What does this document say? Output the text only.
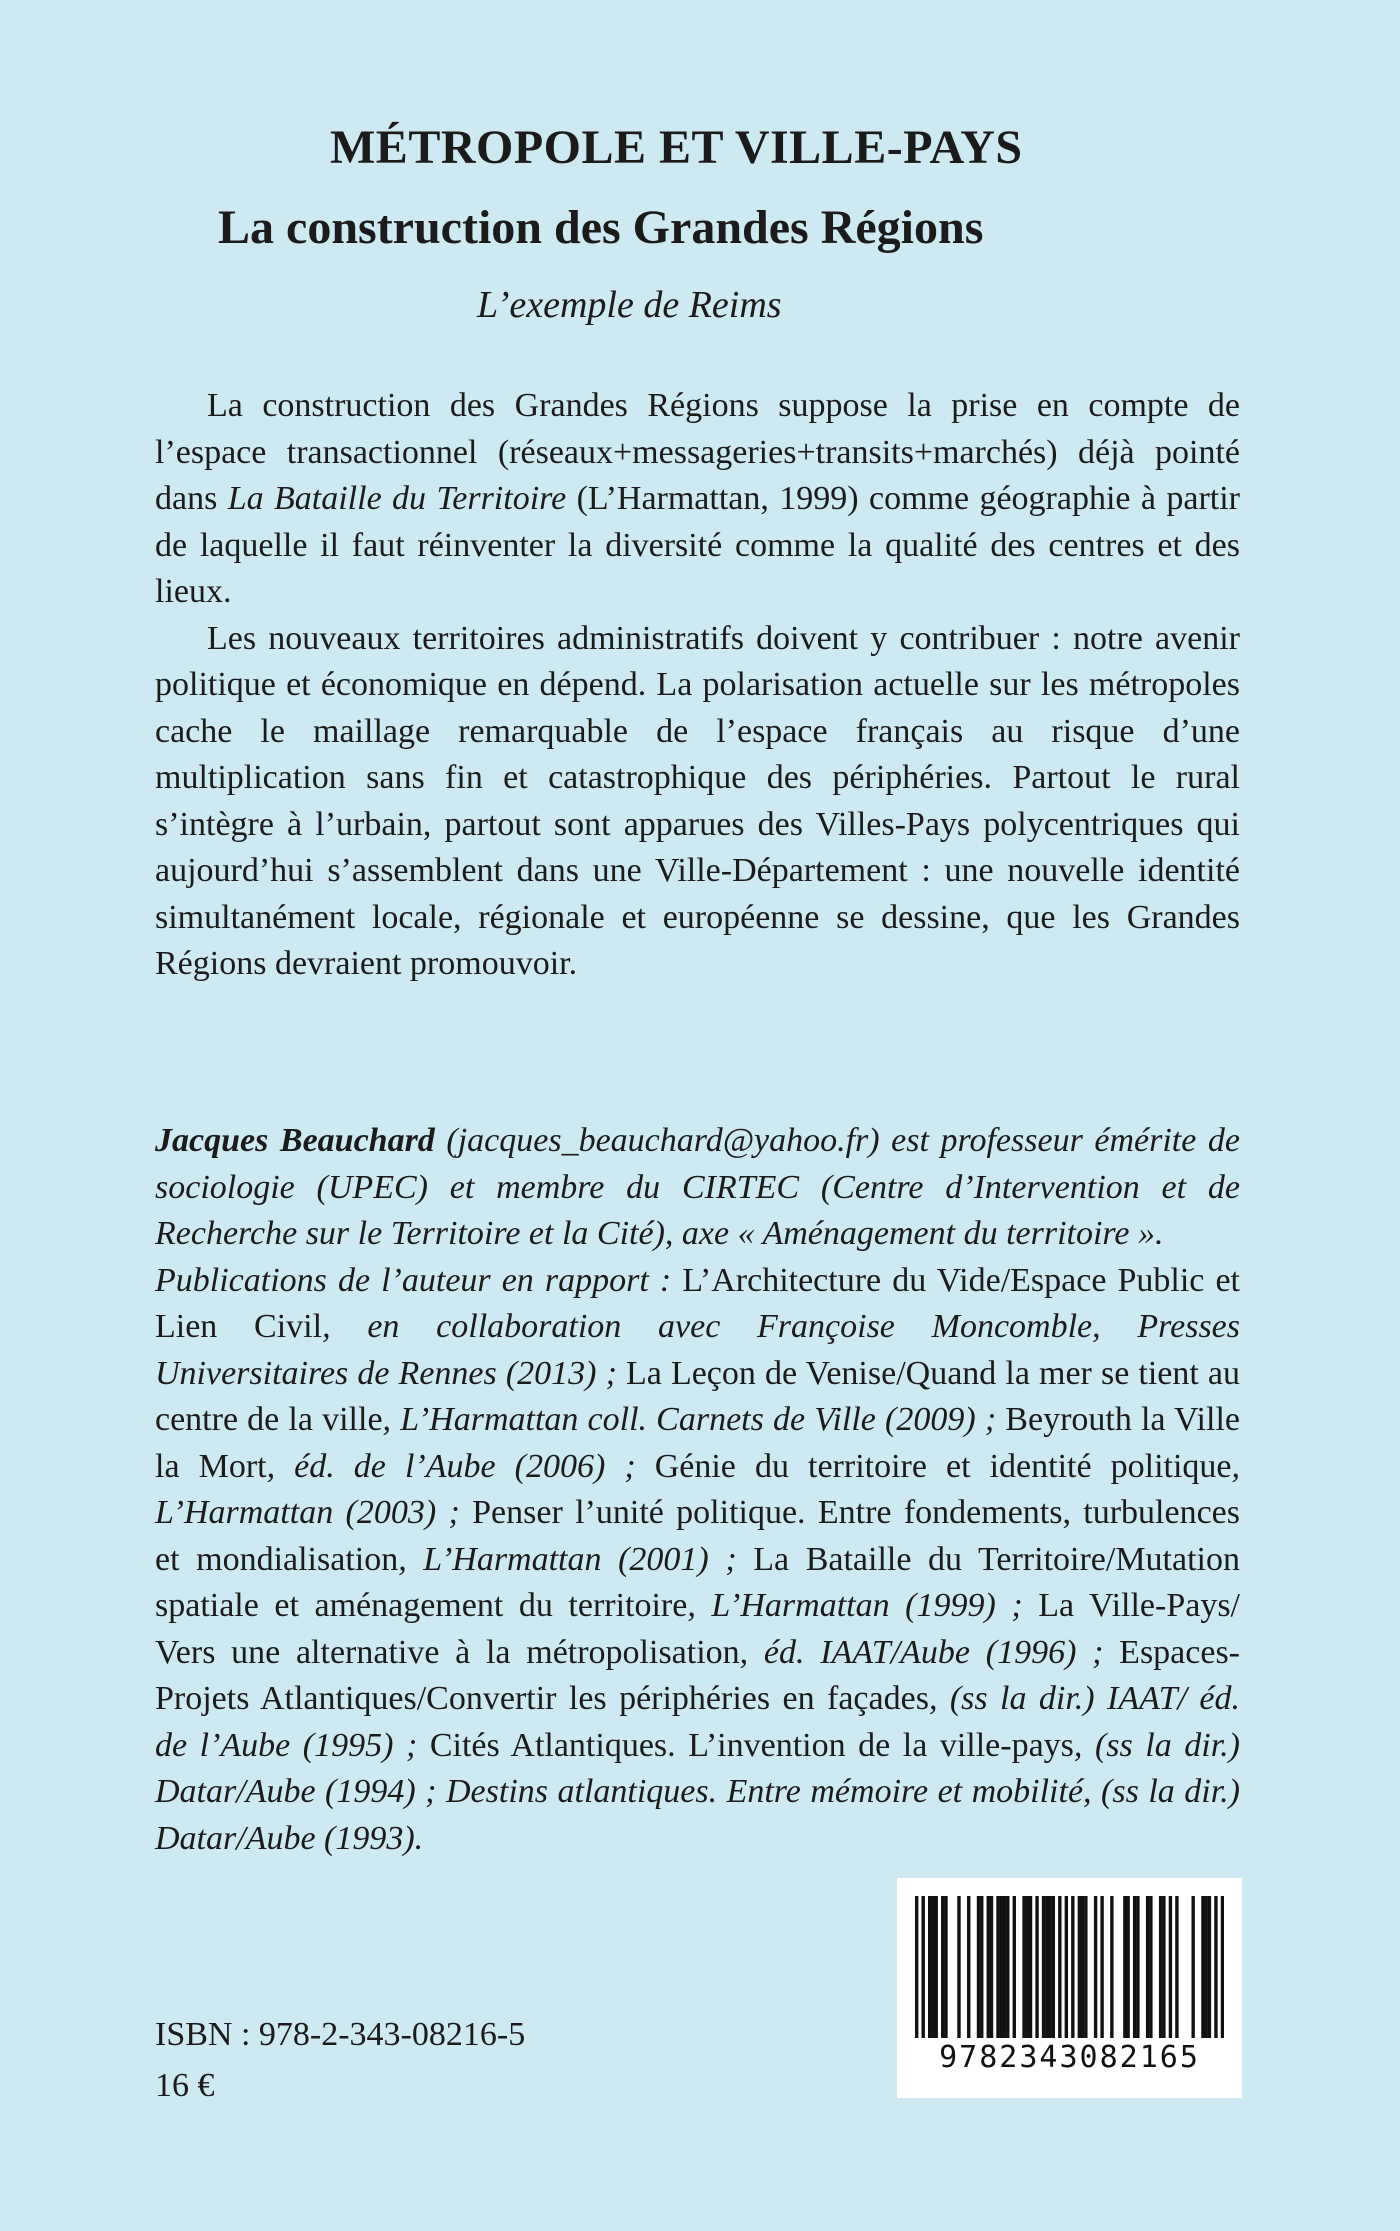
MÉTROPOLE ET VILLE-PAYS
La construction des Grandes Régions
L’exemple de Reims

La construction des Grandes Régions suppose la prise en compte de l’espace transactionnel (réseaux+messageries+transits+marchés) déjà pointé dans La Bataille du Territoire (L’Harmattan, 1999) comme géographie à partir de laquelle il faut réinventer la diversité comme la qualité des centres et des lieux.

Les nouveaux territoires administratifs doivent y contribuer : notre avenir politique et économique en dépend. La polarisation actuelle sur les métropoles cache le maillage remarquable de l’espace français au risque d’une multiplication sans fin et catastrophique des périphéries. Partout le rural s’intègre à l’urbain, partout sont apparues des Villes-Pays polycentriques qui aujourd’hui s’assemblent dans une Ville-Département : une nouvelle identité simultanément locale, régionale et européenne se dessine, que les Grandes Régions devraient promouvoir.

Jacques Beauchard (jacques_beauchard@yahoo.fr) est professeur émérite de sociologie (UPEC) et membre du CIRTEC (Centre d’Intervention et de Recherche sur le Territoire et la Cité), axe « Aménagement du territoire ».
Publications de l’auteur en rapport : L’Architecture du Vide/Espace Public et Lien Civil, en collaboration avec Françoise Moncomble, Presses Universitaires de Rennes (2013) ; La Leçon de Venise/Quand la mer se tient au centre de la ville, L’Harmattan coll. Carnets de Ville (2009) ; Beyrouth la Ville la Mort, éd. de l’Aube (2006) ; Génie du territoire et identité politique, L’Harmattan (2003) ; Penser l’unité politique. Entre fondements, turbulences et mondialisation, L’Harmattan (2001) ; La Bataille du Territoire/Mutation spatiale et aménagement du territoire, L’Harmattan (1999) ; La Ville-Pays/ Vers une alternative à la métropolisation, éd. IAAT/Aube (1996) ; Espaces-Projets Atlantiques/Convertir les périphéries en façades, (ss la dir.) IAAT/ éd. de l’Aube (1995) ; Cités Atlantiques. L’invention de la ville-pays, (ss la dir.) Datar/Aube (1994) ; Destins atlantiques. Entre mémoire et mobilité, (ss la dir.) Datar/Aube (1993).

9782343082165
ISBN : 978-2-343-08216-5
16 €
